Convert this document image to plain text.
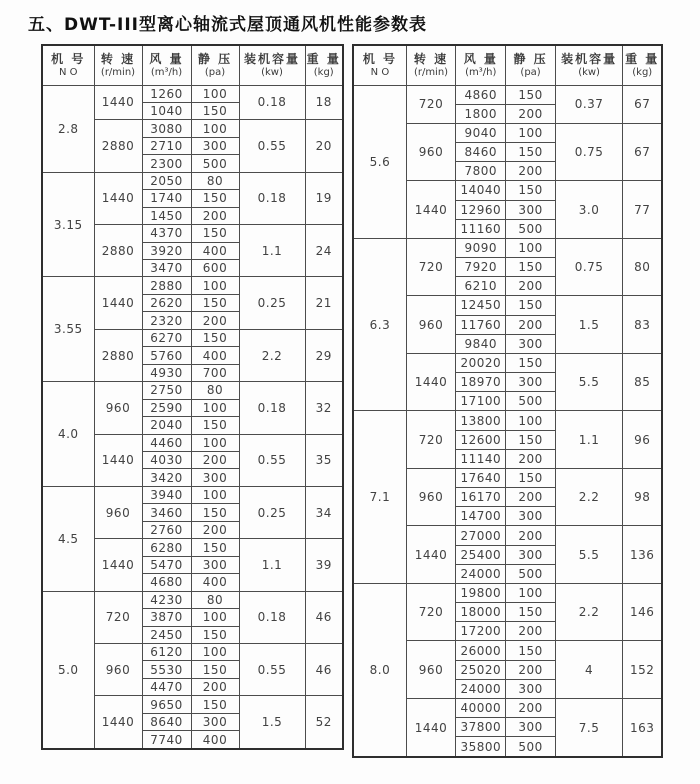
五、DWT-III型离心轴流式屋顶通风机性能参数表
机 号
N O

转 速
(r/min)

风 量
(m³/h)

静 压
(pa)

装机容量
(kw)

重 量
(kg)

2.8	1440	1260	100	0.18	18
		1040	150		
	2880	3080	100	0.55	20
		2710	300		
		2300	500		
3.15	1440	2050	80	0.18	19
		1740	150		
		1450	200		
	2880	4370	150	1.1	24
		3920	400		
		3470	600		
3.55	1440	2880	100	0.25	21
		2620	150		
		2320	200		
	2880	6270	150	2.2	29
		5760	400		
		4930	700		
4.0	960	2750	80	0.18	32
		2590	100		
		2040	150		
	1440	4460	100	0.55	35
		4030	200		
		3420	300		
4.5	960	3940	100	0.25	34
		3460	150		
		2760	200		
	1440	6280	150	1.1	39
		5470	300		
		4680	400		
5.0	720	4230	80	0.18	46
		3870	100		
		2450	150		
	960	6120	100	0.55	46
		5530	150		
		4470	200		
	1440	9650	150	1.5	52
		8640	300		
		7740	400		
机 号
N O

转 速
(r/min)

风 量
(m³/h)

静 压
(pa)

装机容量
(kw)

重 量
(kg)

5.6	720	4860	150	0.37	67
		1800	200		
	960	9040	100	0.75	67
		8460	150		
		7800	200		
	1440	14040	150	3.0	77
		12960	300		
		11160	500		
6.3	720	9090	100	0.75	80
		7920	150		
		6210	200		
	960	12450	150	1.5	83
		11760	200		
		9840	300		
	1440	20020	150	5.5	85
		18970	300		
		17100	500		
7.1	720	13800	100	1.1	96
		12600	150		
		11140	200		
	960	17640	150	2.2	98
		16170	200		
		14700	300		
	1440	27000	200	5.5	136
		25400	300		
		24000	500		
8.0	720	19800	100	2.2	146
		18000	150		
		17200	200		
	960	26000	150	4	152
		25020	200		
		24000	300		
	1440	40000	200	7.5	163
		37800	300		
		35800	500		
